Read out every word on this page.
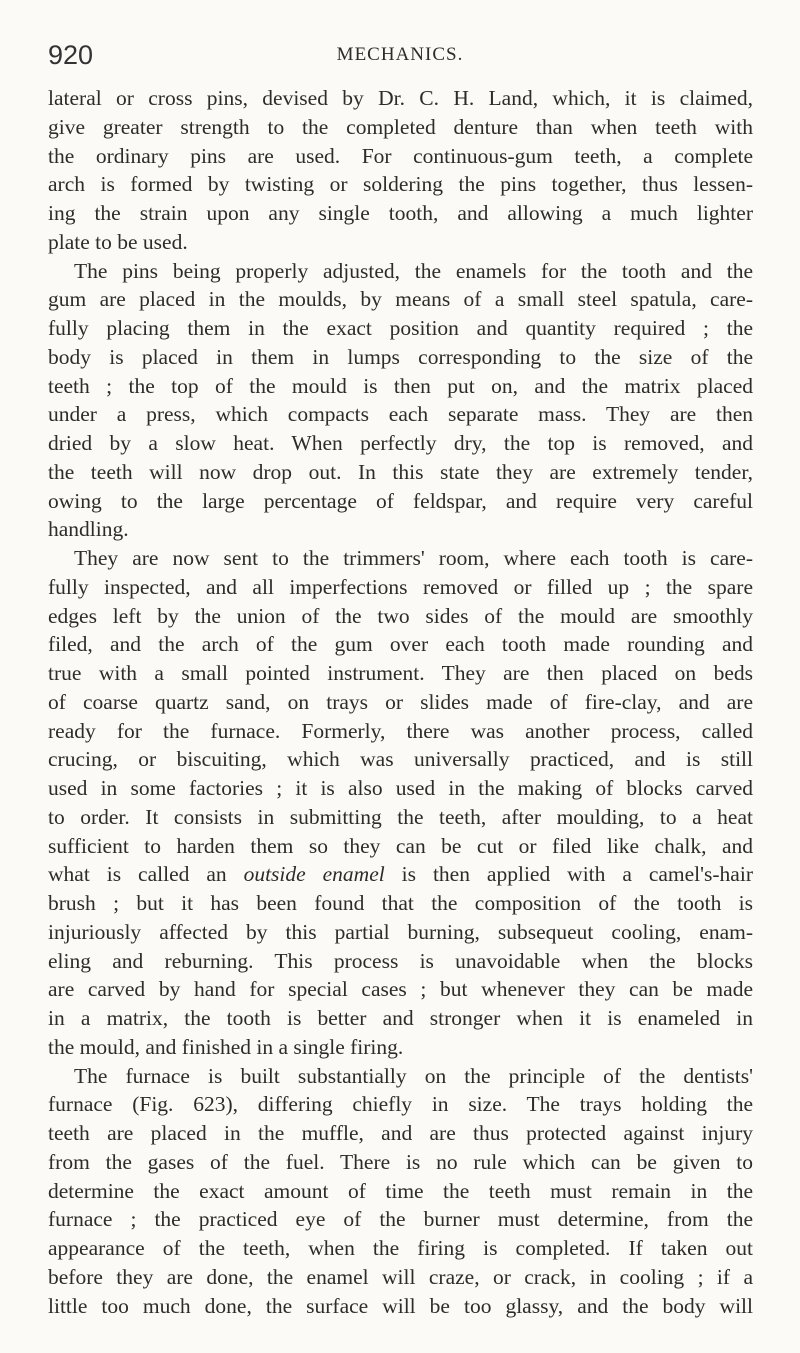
920	MECHANICS.
lateral or cross pins, devised by Dr. C. H. Land, which, it is claimed,
give greater strength to the completed denture than when teeth with
the ordinary pins are used. For continuous-gum teeth, a complete
arch is formed by twisting or soldering the pins together, thus lessen-
ing the strain upon any single tooth, and allowing a much lighter
plate to be used.
The pins being properly adjusted, the enamels for the tooth and the
gum are placed in the moulds, by means of a small steel spatula, care-
fully placing them in the exact position and quantity required ; the
body is placed in them in lumps corresponding to the size of the
teeth ; the top of the mould is then put on, and the matrix placed
under a press, which compacts each separate mass. They are then
dried by a slow heat. When perfectly dry, the top is removed, and
the teeth will now drop out. In this state they are extremely tender,
owing to the large percentage of feldspar, and require very careful
handling.
They are now sent to the trimmers' room, where each tooth is care-
fully inspected, and all imperfections removed or filled up ; the spare
edges left by the union of the two sides of the mould are smoothly
filed, and the arch of the gum over each tooth made rounding and
true with a small pointed instrument. They are then placed on beds
of coarse quartz sand, on trays or slides made of fire-clay, and are
ready for the furnace. Formerly, there was another process, called
crucing, or biscuiting, which was universally practiced, and is still
used in some factories ; it is also used in the making of blocks carved
to order. It consists in submitting the teeth, after moulding, to a heat
sufficient to harden them so they can be cut or filed like chalk, and
what is called an outside enamel is then applied with a camel's-hair
brush ; but it has been found that the composition of the tooth is
injuriously affected by this partial burning, subsequeut cooling, enam-
eling and reburning. This process is unavoidable when the blocks
are carved by hand for special cases ; but whenever they can be made
in a matrix, the tooth is better and stronger when it is enameled in
the mould, and finished in a single firing.
The furnace is built substantially on the principle of the dentists'
furnace (Fig. 623), differing chiefly in size. The trays holding the
teeth are placed in the muffle, and are thus protected against injury
from the gases of the fuel. There is no rule which can be given to
determine the exact amount of time the teeth must remain in the
furnace ; the practiced eye of the burner must determine, from the
appearance of the teeth, when the firing is completed. If taken out
before they are done, the enamel will craze, or crack, in cooling ; if a
little too much done, the surface will be too glassy, and the body will
